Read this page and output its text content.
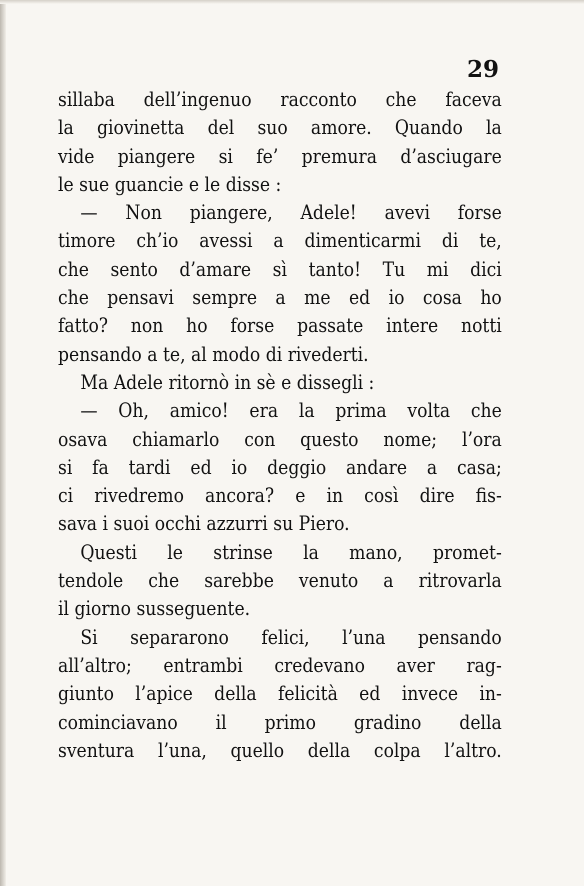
29
sillaba dell’ingenuo racconto che faceva
la giovinetta del suo amore. Quando la
vide piangere si fe’ premura d’asciugare
le sue guancie e le disse :
— Non piangere, Adele! avevi forse
timore ch’io avessi a dimenticarmi di te,
che sento d’amare sì tanto! Tu mi dici
che pensavi sempre a me ed io cosa ho
fatto? non ho forse passate intere notti
pensando a te, al modo di rivederti.
Ma Adele ritornò in sè e dissegli :
— Oh, amico! era la prima volta che
osava chiamarlo con questo nome; l’ora
si fa tardi ed io deggio andare a casa;
ci rivedremo ancora? e in così dire fis-
sava i suoi occhi azzurri su Piero.
Questi le strinse la mano, promet-
tendole che sarebbe venuto a ritrovarla
il giorno susseguente.
Si separarono felici, l’una pensando
all’altro; entrambi credevano aver rag-
giunto l’apice della felicità ed invece in-
cominciavano il primo gradino della
sventura l’una, quello della colpa l’altro.
